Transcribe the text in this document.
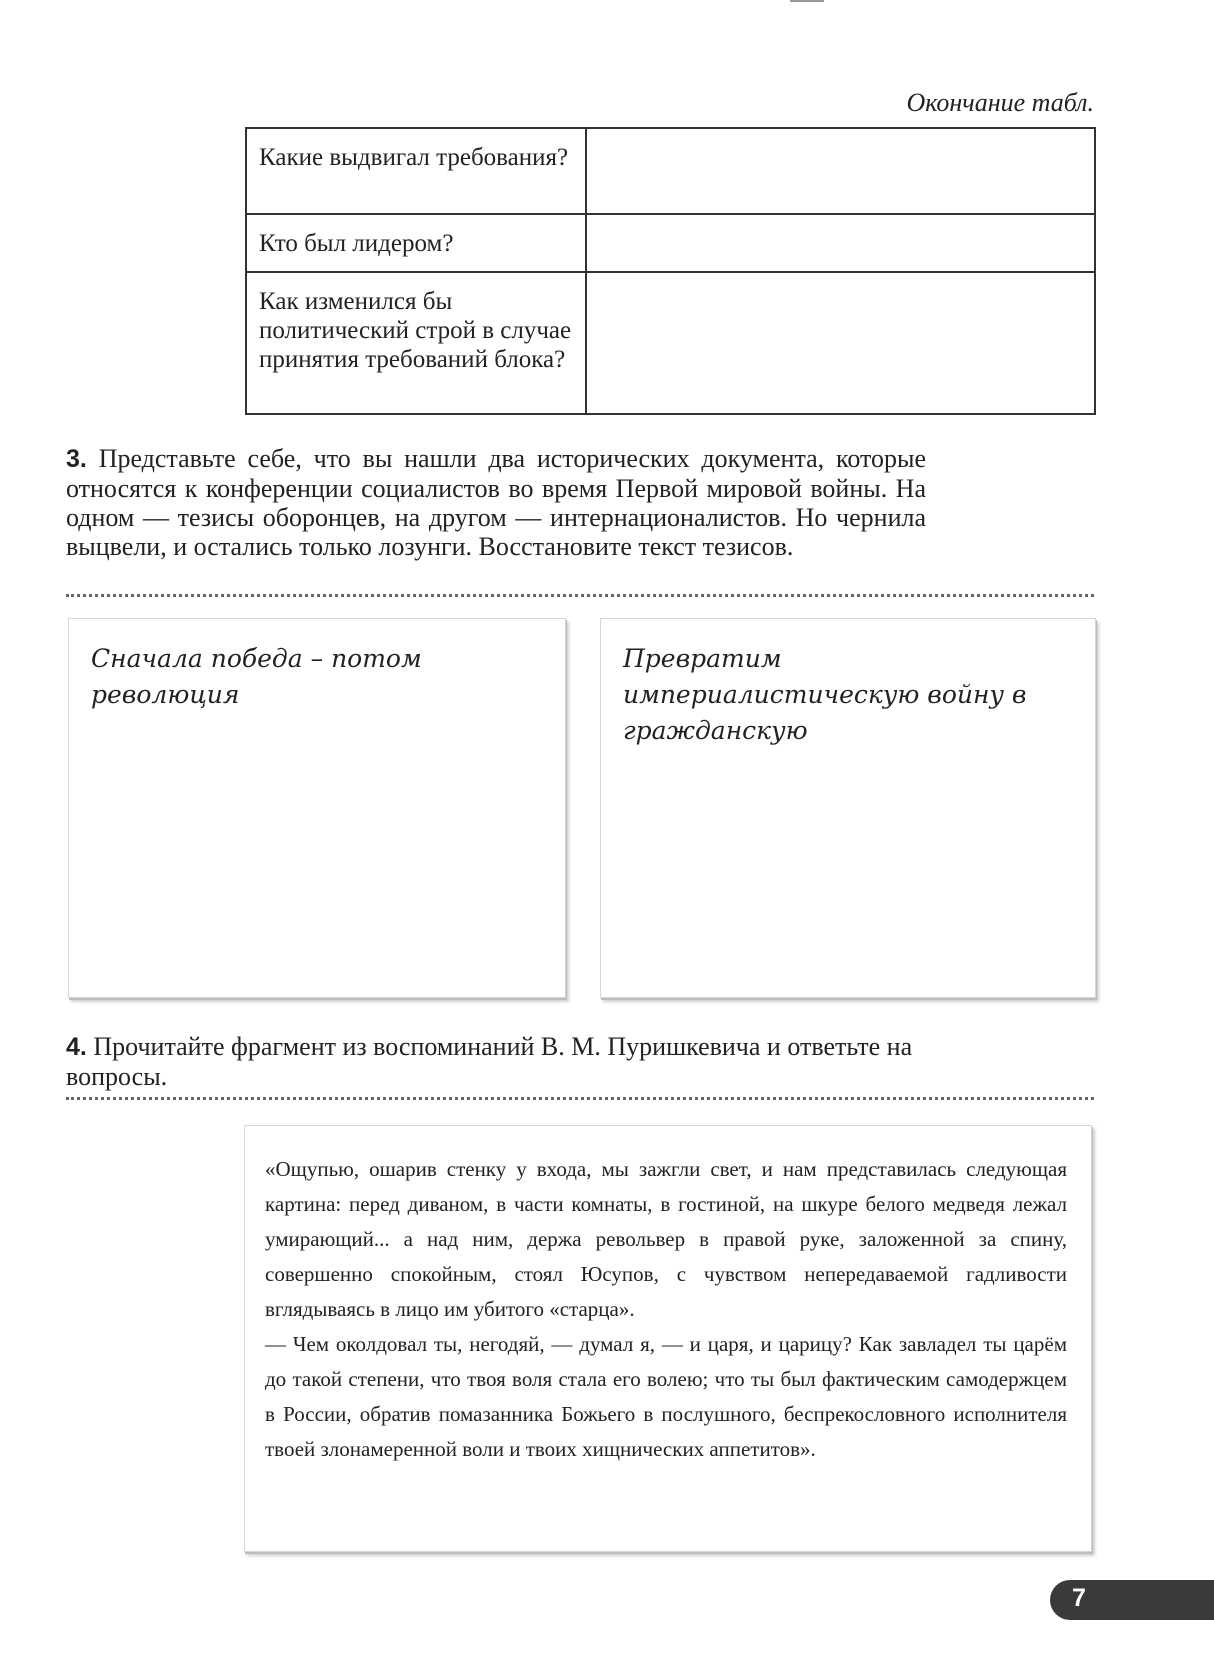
Окончание табл.
Какие выдвигал требования?	
Кто был лидером?	
Как изменился бы политический строй в случае принятия требований блока?	
3. Представьте себе, что вы нашли два исторических документа, которые относятся к конференции социалистов во время Первой мировой войны. На одном — тезисы оборонцев, на другом — интернационалистов. Но чернила выцвели, и остались только лозунги. Восстановите текст тезисов.
Сначала победа – потом революция
Превратим империалистическую войну в гражданскую
4. Прочитайте фрагмент из воспоминаний В. М. Пуришкевича и ответьте на вопросы.

«Ощупью, ошарив стенку у входа, мы зажгли свет, и нам представилась следующая картина: перед диваном, в части комнаты, в гостиной, на шкуре белого медведя лежал умирающий... а над ним, держа револьвер в правой руке, заложенной за спину, совершенно спокойным, стоял Юсупов, с чувством непередаваемой гадливости вглядываясь в лицо им убитого «старца».

— Чем околдовал ты, негодяй, — думал я, — и царя, и царицу? Как завладел ты царём до такой степени, что твоя воля стала его волею; что ты был фактическим самодержцем в России, обратив помазанника Божьего в послушного, беспрекословного исполнителя твоей злонамеренной воли и твоих хищнических аппетитов».

7
